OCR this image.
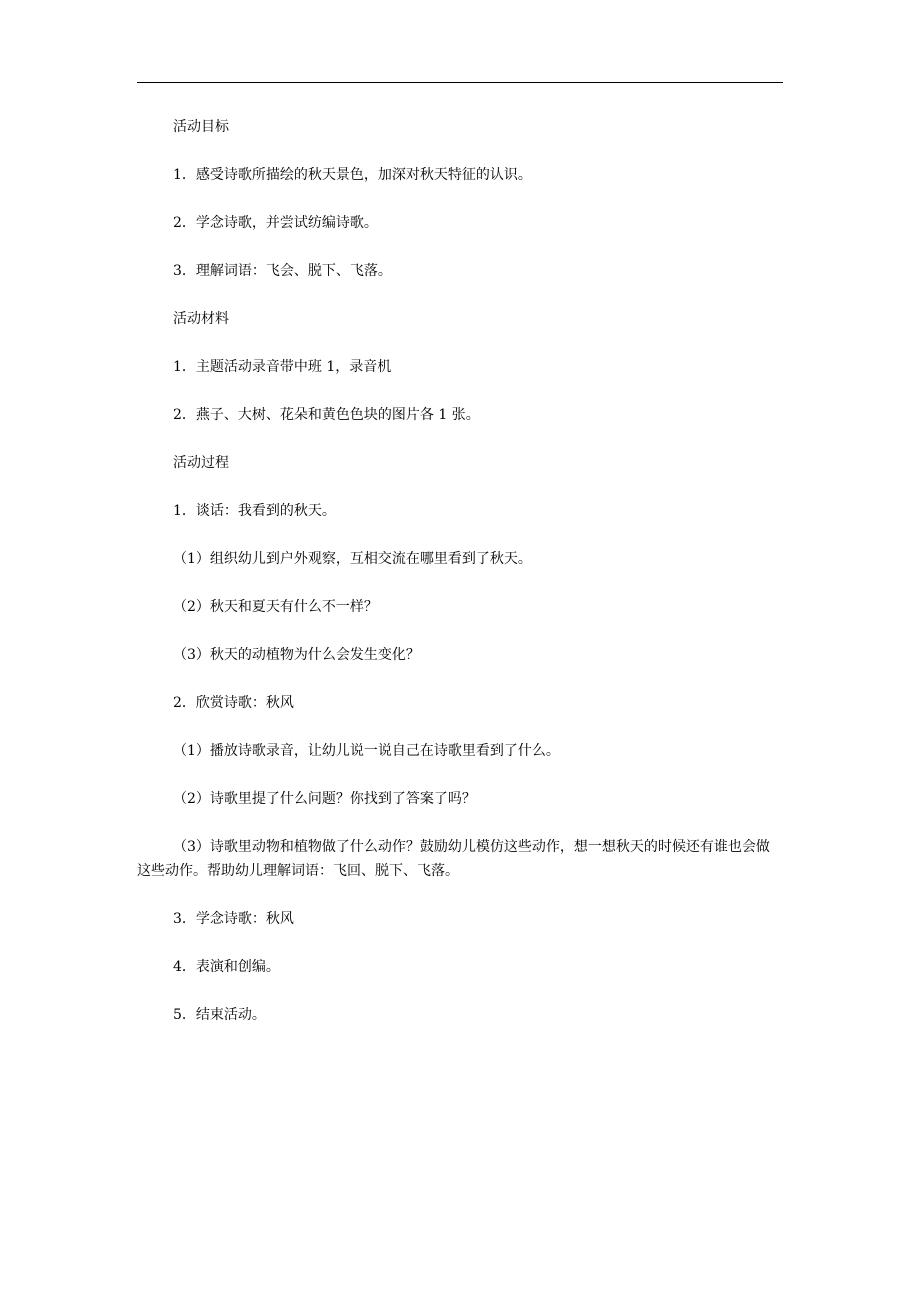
活动目标
1．感受诗歌所描绘的秋天景色，加深对秋天特征的认识。
2．学念诗歌，并尝试纺编诗歌。
3．理解词语：飞会、脱下、飞落。
活动材料
1．主题活动录音带中班 1，录音机
2．燕子、大树、花朵和黄色色块的图片各 1 张。
活动过程
1．谈话：我看到的秋天。
（1）组织幼儿到户外观察，互相交流在哪里看到了秋天。
（2）秋天和夏天有什么不一样？
（3）秋天的动植物为什么会发生变化？
2．欣赏诗歌：秋风
（1）播放诗歌录音，让幼儿说一说自己在诗歌里看到了什么。
（2）诗歌里提了什么问题？你找到了答案了吗？
（3）诗歌里动物和植物做了什么动作？鼓励幼儿模仿这些动作，想一想秋天的时候还有谁也会做这些动作。帮助幼儿理解词语：飞回、脱下、飞落。
3．学念诗歌：秋风
4．表演和创编。
5．结束活动。
